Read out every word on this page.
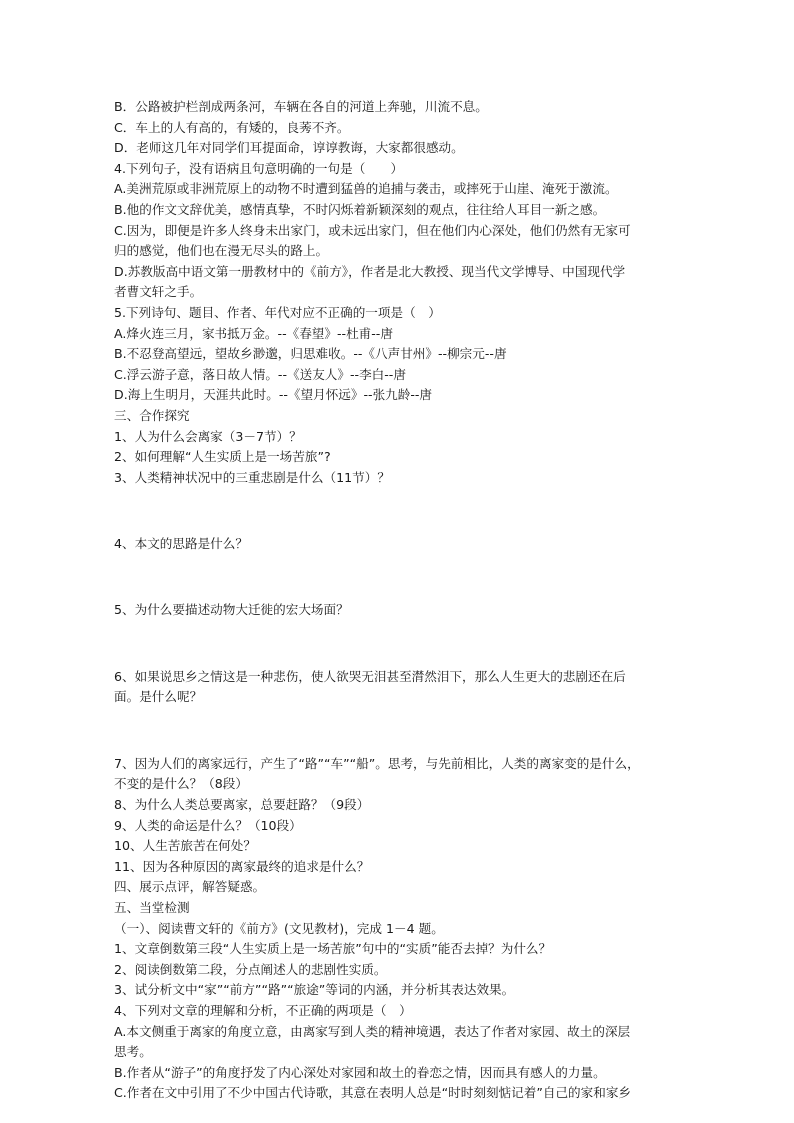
B．公路被护栏剖成两条河，车辆在各自的河道上奔驰，川流不息。

C．车上的人有高的，有矮的，良莠不齐。

D．老师这几年对同学们耳提面命，谆谆教诲，大家都很感动。

4.下列句子，没有语病且句意明确的一句是（　　）

A.美洲荒原或非洲荒原上的动物不时遭到猛兽的追捕与袭击，或摔死于山崖、淹死于激流。

B.他的作文文辞优美，感情真挚，不时闪烁着新颖深刻的观点，往往给人耳目一新之感。

C.因为，即便是许多人终身未出家门，或未远出家门，但在他们内心深处，他们仍然有无家可

归的感觉，他们也在漫无尽头的路上。

D.苏教版高中语文第一册教材中的《前方》，作者是北大教授、现当代文学博导、中国现代学

者曹文轩之手。

5.下列诗句、题目、作者、年代对应不正确的一项是（　）

A.烽火连三月，家书抵万金。--《春望》--杜甫--唐

B.不忍登高望远，望故乡渺邈，归思难收。--《八声甘州》--柳宗元--唐

C.浮云游子意，落日故人情。--《送友人》--李白--唐

D.海上生明月，天涯共此时。--《望月怀远》--张九龄--唐

三、合作探究

1、人为什么会离家（3－7节）？

2、如何理解“人生实质上是一场苦旅”?

3、人类精神状况中的三重悲剧是什么（11节）？

4、本文的思路是什么？

5、为什么要描述动物大迁徙的宏大场面？

6、如果说思乡之情这是一种悲伤，使人欲哭无泪甚至潸然泪下，那么人生更大的悲剧还在后

面。是什么呢？

7、因为人们的离家远行，产生了“路”“车”“船”。思考，与先前相比，人类的离家变的是什么，

不变的是什么？（8段）

8、为什么人类总要离家，总要赶路？（9段）

9、人类的命运是什么？（10段）

10、人生苦旅苦在何处？

11、因为各种原因的离家最终的追求是什么？

四、展示点评，解答疑惑。

五、当堂检测

（一）、阅读曹文轩的《前方》(文见教材)，完成 1－4 题。

1、文章倒数第三段“人生实质上是一场苦旅”句中的“实质”能否去掉？为什么？

2、阅读倒数第二段，分点阐述人的悲剧性实质。

3、试分析文中“家”“前方”“路”“旅途”等词的内涵，并分析其表达效果。

4、下列对文章的理解和分析，不正确的两项是（　）

A.本文侧重于离家的角度立意，由离家写到人类的精神境遇，表达了作者对家园、故土的深层

思考。

B.作者从“游子”的角度抒发了内心深处对家园和故土的眷恋之情，因而具有感人的力量。

C.作者在文中引用了不少中国古代诗歌，其意在表明人总是“时时刻刻惦记着”自己的家和家乡
